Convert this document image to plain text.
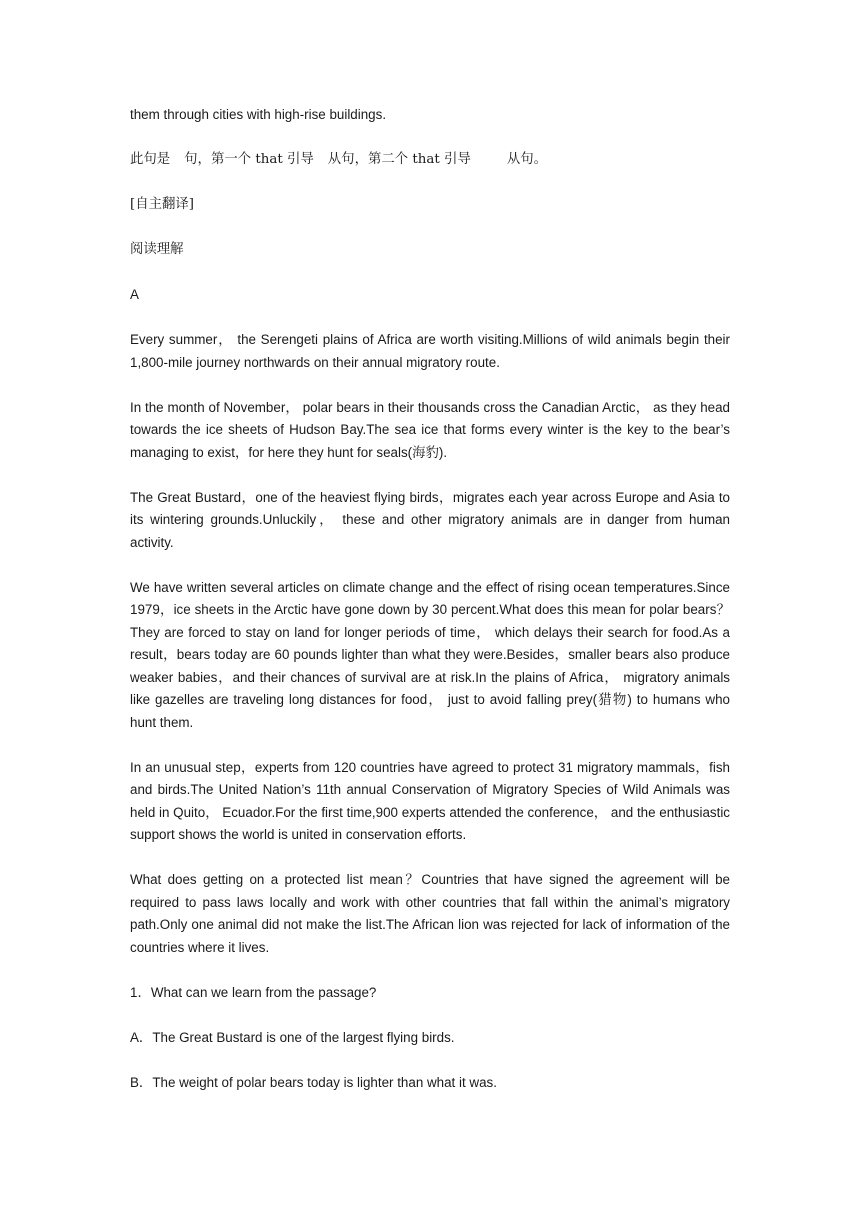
them through cities with high-rise buildings.

此句是 句，第一个 that 引导 从句，第二个 that 引导	从句。

[自主翻译]

阅读理解

A

Every summer， the Serengeti plains of Africa are worth visiting.Millions of wild animals begin their 1,800-mile journey northwards on their annual migratory route.

In the month of November， polar bears in their thousands cross the Canadian Arctic， as they head towards the ice sheets of Hudson Bay.The sea ice that forms every winter is the key to the bear’s managing to exist，for here they hunt for seals(海豹).

The Great Bustard，one of the heaviest flying birds，migrates each year across Europe and Asia to its wintering grounds.Unluckily， these and other migratory animals are in danger from human activity.

We have written several articles on climate change and the effect of rising ocean temperatures.Since 1979，ice sheets in the Arctic have gone down by 30 percent.What does this mean for polar bears？They are forced to stay on land for longer periods of time， which delays their search for food.As a result，bears today are 60 pounds lighter than what they were.Besides，smaller bears also produce weaker babies，and their chances of survival are at risk.In the plains of Africa， migratory animals like gazelles are traveling long distances for food， just to avoid falling prey(猎物) to humans who hunt them.

In an unusual step，experts from 120 countries have agreed to protect 31 migratory mammals，fish and birds.The United Nation’s 11th annual Conservation of Migratory Species of Wild Animals was held in Quito， Ecuador.For the first time,900 experts attended the conference， and the enthusiastic support shows the world is united in conservation efforts.

What does getting on a protected list mean？Countries that have signed the agreement will be required to pass laws locally and work with other countries that fall within the animal’s migratory path.Only one animal did not make the list.The African lion was rejected for lack of information of the countries where it lives.

1．What can we learn from the passage?

A．The Great Bustard is one of the largest flying birds.

B．The weight of polar bears today is lighter than what it was.
